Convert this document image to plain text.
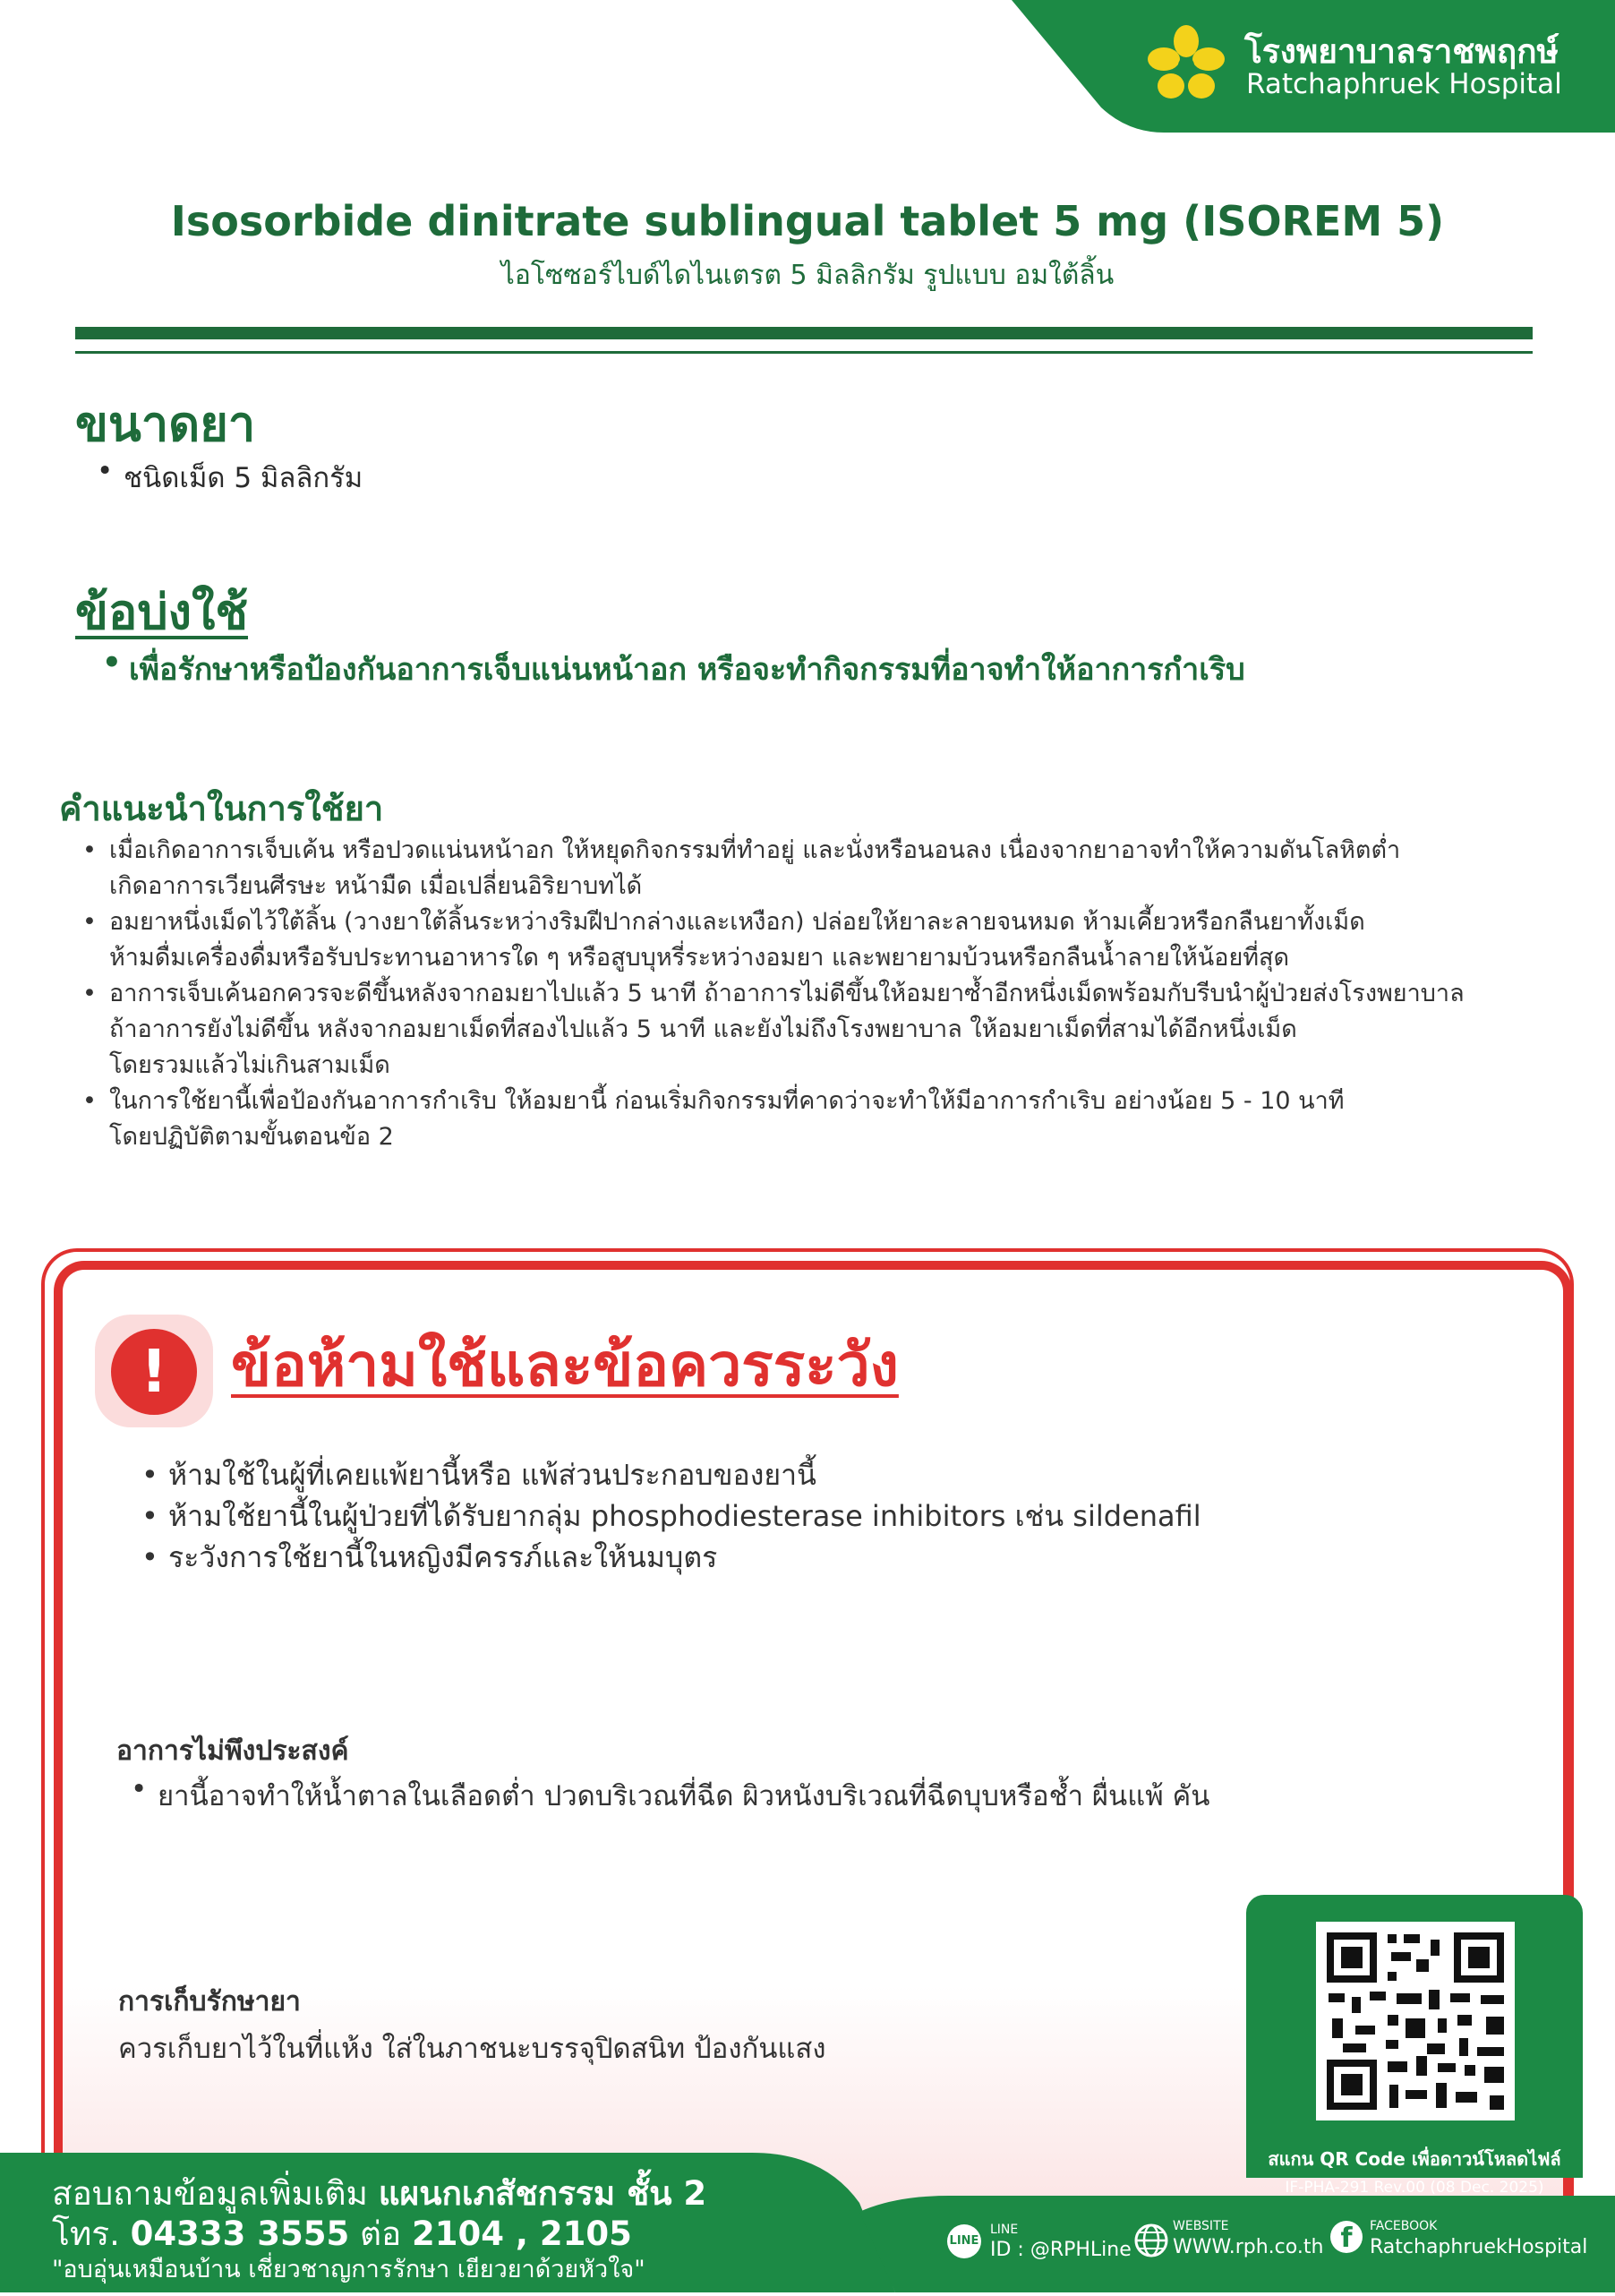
โรงพยาบาลราชพฤกษ์
Ratchaphruek Hospital
Isosorbide dinitrate sublingual tablet 5 mg (ISOREM 5)
ไอโซซอร์ไบด์ไดไนเตรต 5 มิลลิกรัม รูปแบบ อมใต้ลิ้น
ขนาดยา
• ชนิดเม็ด 5 มิลลิกรัม
ข้อบ่งใช้
• เพื่อรักษาหรือป้องกันอาการเจ็บแน่นหน้าอก หรือจะทำกิจกรรมที่อาจทำให้อาการกำเริบ
คำแนะนำในการใช้ยา
• เมื่อเกิดอาการเจ็บเค้น หรือปวดแน่นหน้าอก ให้หยุดกิจกรรมที่ทำอยู่ และนั่งหรือนอนลง เนื่องจากยาอาจทำให้ความดันโลหิตต่ำ
เกิดอาการเวียนศีรษะ หน้ามืด เมื่อเปลี่ยนอิริยาบทได้
• อมยาหนึ่งเม็ดไว้ใต้ลิ้น (วางยาใต้ลิ้นระหว่างริมฝีปากล่างและเหงือก) ปล่อยให้ยาละลายจนหมด ห้ามเคี้ยวหรือกลืนยาทั้งเม็ด
ห้ามดื่มเครื่องดื่มหรือรับประทานอาหารใด ๆ หรือสูบบุหรี่ระหว่างอมยา และพยายามบ้วนหรือกลืนน้ำลายให้น้อยที่สุด
• อาการเจ็บเค้นอกควรจะดีขึ้นหลังจากอมยาไปแล้ว 5 นาที ถ้าอาการไม่ดีขึ้นให้อมยาซ้ำอีกหนึ่งเม็ดพร้อมกับรีบนำผู้ป่วยส่งโรงพยาบาล
ถ้าอาการยังไม่ดีขึ้น หลังจากอมยาเม็ดที่สองไปแล้ว 5 นาที และยังไม่ถึงโรงพยาบาล ให้อมยาเม็ดที่สามได้อีกหนึ่งเม็ด
โดยรวมแล้วไม่เกินสามเม็ด
• ในการใช้ยานี้เพื่อป้องกันอาการกำเริบ ให้อมยานี้ ก่อนเริ่มกิจกรรมที่คาดว่าจะทำให้มีอาการกำเริบ อย่างน้อย 5 - 10 นาที
โดยปฏิบัติตามขั้นตอนข้อ 2
!	ข้อห้ามใช้และข้อควรระวัง
• ห้ามใช้ในผู้ที่เคยแพ้ยานี้หรือ แพ้ส่วนประกอบของยานี้
• ห้ามใช้ยานี้ในผู้ป่วยที่ได้รับยากลุ่ม phosphodiesterase inhibitors เช่น sildenafil
• ระวังการใช้ยานี้ในหญิงมีครรภ์และให้นมบุตร
อาการไม่พึงประสงค์
• ยานี้อาจทำให้น้ำตาลในเลือดต่ำ ปวดบริเวณที่ฉีด ผิวหนังบริเวณที่ฉีดบุบหรือช้ำ ผื่นแพ้ คัน
การเก็บรักษายา
ควรเก็บยาไว้ในที่แห้ง ใส่ในภาชนะบรรจุปิดสนิท ป้องกันแสง
สแกน QR Code เพื่อดาวน์โหลดไฟล์
สอบถามข้อมูลเพิ่มเติม แผนกเภสัชกรรม ชั้น 2
โทร. 04333 3555 ต่อ 2104 , 2105
"อบอุ่นเหมือนบ้าน เชี่ยวชาญการรักษา เยียวยาด้วยหัวใจ"
IF-PHA-291 Rev.00 (08 Dec. 2025)
LINE
LINE
ID : @RPHLine
WEBSITE
WWW.rph.co.th f	FACEBOOK
RatchaphruekHospital
